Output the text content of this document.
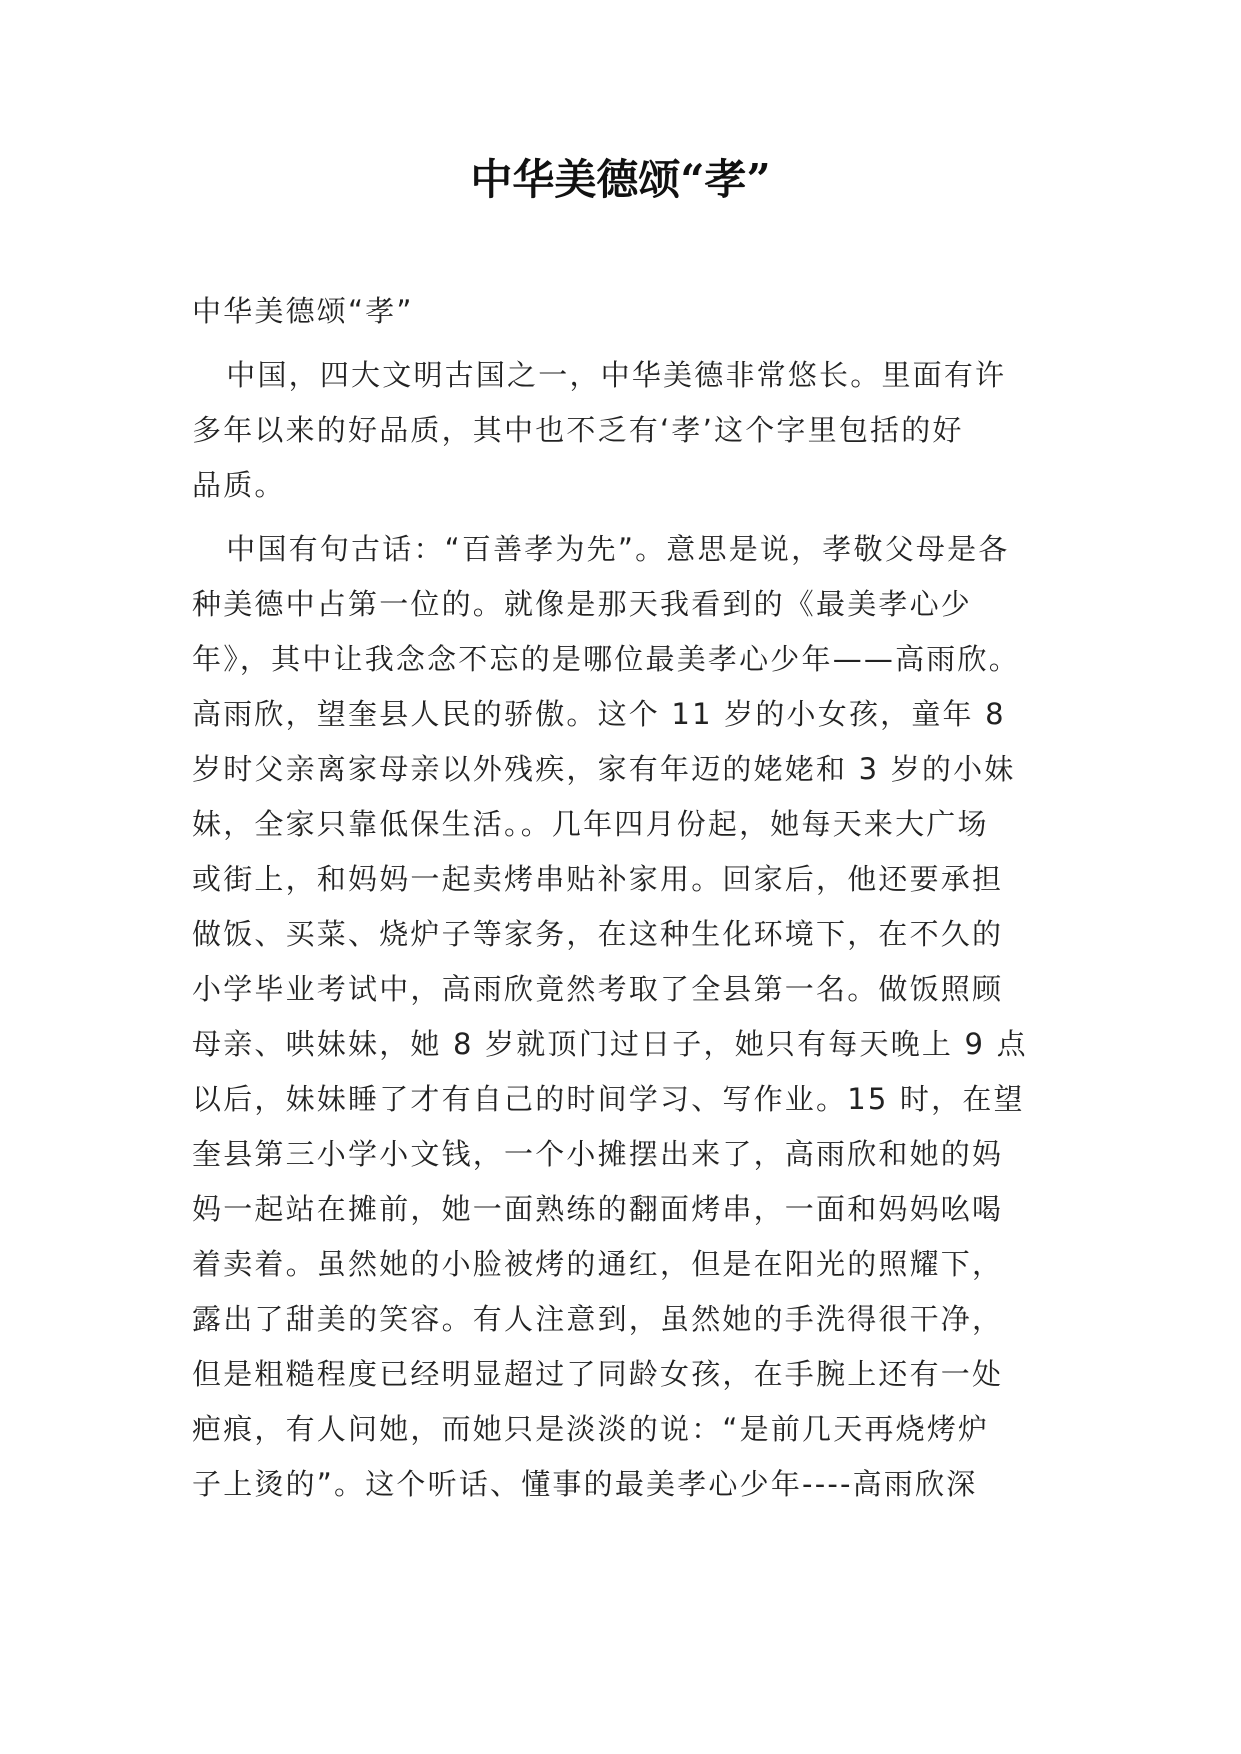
中华美德颂“孝”
中华美德颂“孝”
中国，四大文明古国之一，中华美德非常悠长。里面有许
多年以来的好品质，其中也不乏有‘孝’这个字里包括的好
品质。
中国有句古话：“百善孝为先”。意思是说，孝敬父母是各
种美德中占第一位的。就像是那天我看到的《最美孝心少
年》，其中让我念念不忘的是哪位最美孝心少年——高雨欣。
高雨欣，望奎县人民的骄傲。这个 11 岁的小女孩，童年 8
岁时父亲离家母亲以外残疾，家有年迈的姥姥和 3 岁的小妹
妹，全家只靠低保生活。。几年四月份起，她每天来大广场
或街上，和妈妈一起卖烤串贴补家用。回家后，他还要承担
做饭、买菜、烧炉子等家务，在这种生化环境下，在不久的
小学毕业考试中，高雨欣竟然考取了全县第一名。做饭照顾
母亲、哄妹妹，她 8 岁就顶门过日子，她只有每天晚上 9 点
以后，妹妹睡了才有自己的时间学习、写作业。15 时，在望
奎县第三小学小文钱，一个小摊摆出来了，高雨欣和她的妈
妈一起站在摊前，她一面熟练的翻面烤串，一面和妈妈吆喝
着卖着。虽然她的小脸被烤的通红，但是在阳光的照耀下，
露出了甜美的笑容。有人注意到，虽然她的手洗得很干净，
但是粗糙程度已经明显超过了同龄女孩，在手腕上还有一处
疤痕，有人问她，而她只是淡淡的说：“是前几天再烧烤炉
子上烫的”。这个听话、懂事的最美孝心少年----高雨欣深
